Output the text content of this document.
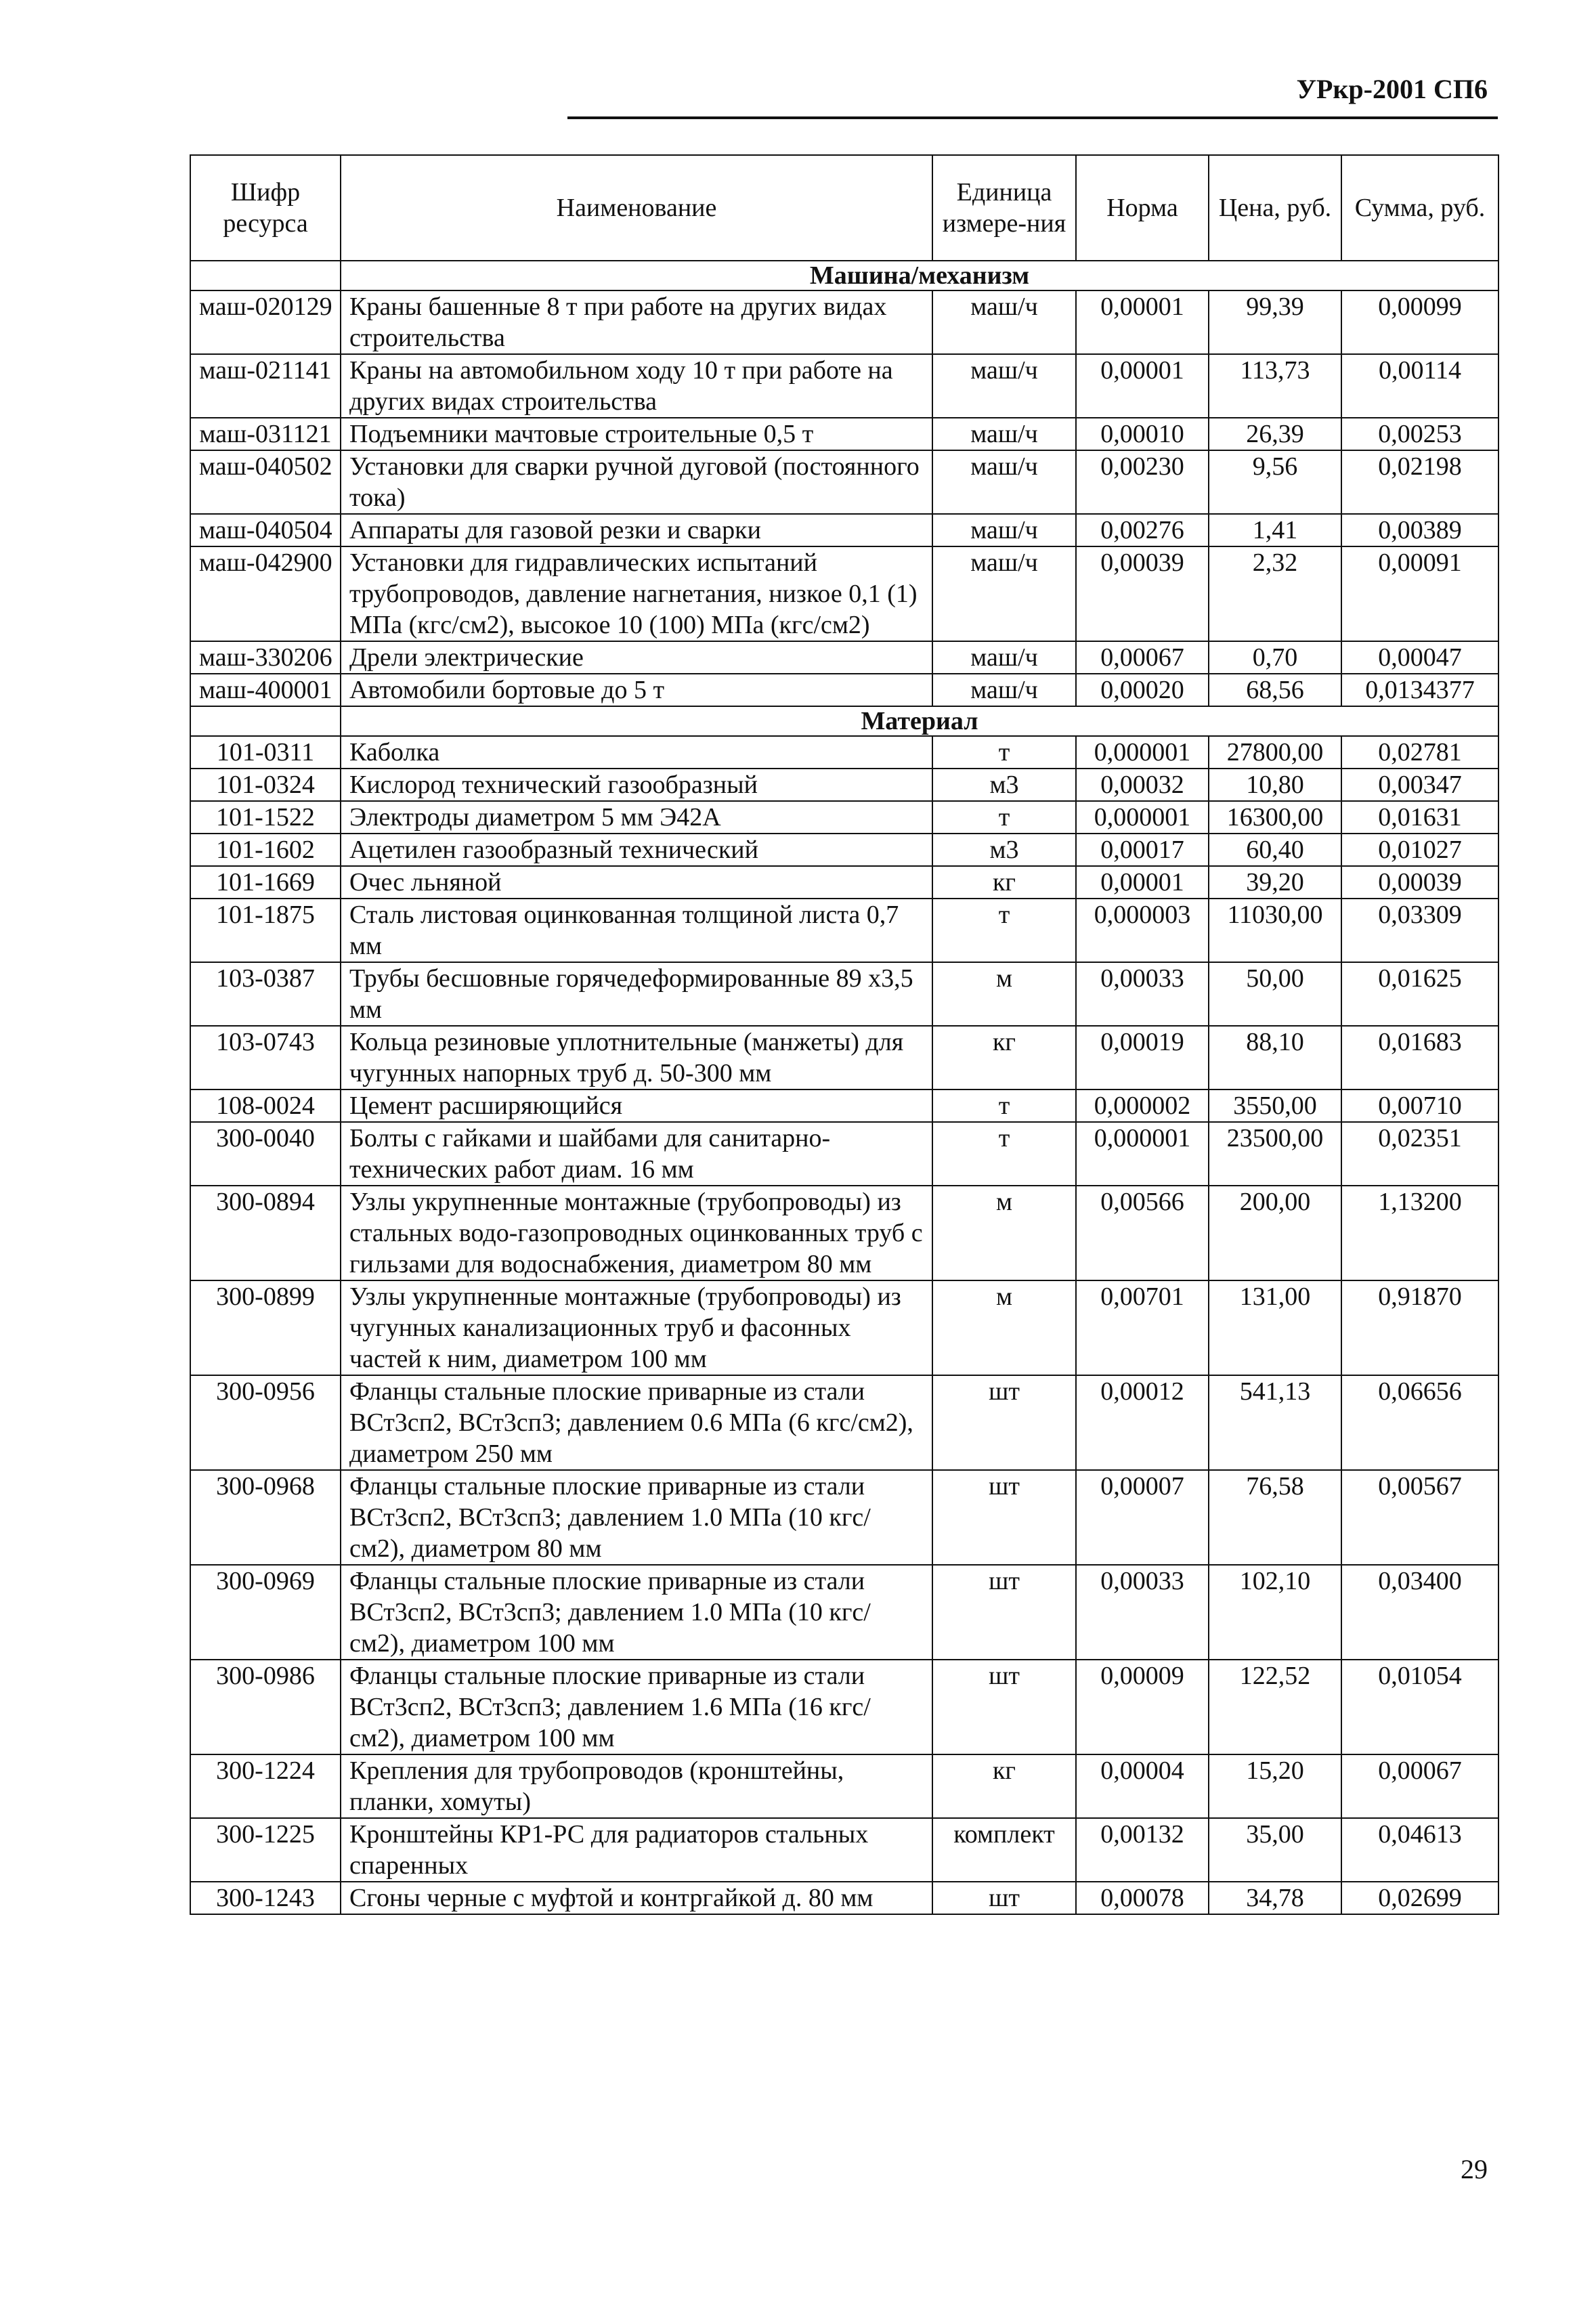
УРкр-2001 СП6
Шифр ресурса	Наименование	Единица измере-ния	Норма	Цена, руб.	Сумма, руб.
	Машина/механизм				
маш-020129	Краны башенные 8 т при работе на других видах строительства	маш/ч	0,00001	99,39	0,00099
маш-021141	Краны на автомобильном ходу 10 т при работе на других видах строительства	маш/ч	0,00001	113,73	0,00114
маш-031121	Подъемники мачтовые строительные 0,5 т	маш/ч	0,00010	26,39	0,00253
маш-040502	Установки для сварки ручной дуговой (постоянного тока)	маш/ч	0,00230	9,56	0,02198
маш-040504	Аппараты для газовой резки и сварки	маш/ч	0,00276	1,41	0,00389
маш-042900	Установки для гидравлических испытаний трубопроводов, давление нагнетания, низкое 0,1 (1) МПа (кгс/см2), высокое 10 (100) МПа (кгс/см2)	маш/ч	0,00039	2,32	0,00091
маш-330206	Дрели электрические	маш/ч	0,00067	0,70	0,00047
маш-400001	Автомобили бортовые до 5 т	маш/ч	0,00020	68,56	0,0134377
	Материал				
101-0311	Каболка	т	0,000001	27800,00	0,02781
101-0324	Кислород технический газообразный	м3	0,00032	10,80	0,00347
101-1522	Электроды диаметром 5 мм Э42А	т	0,000001	16300,00	0,01631
101-1602	Ацетилен газообразный технический	м3	0,00017	60,40	0,01027
101-1669	Очес льняной	кг	0,00001	39,20	0,00039
101-1875	Сталь листовая оцинкованная толщиной листа 0,7 мм	т	0,000003	11030,00	0,03309
103-0387	Трубы бесшовные горячедеформированные 89 х3,5 мм	м	0,00033	50,00	0,01625
103-0743	Кольца резиновые уплотнительные (манжеты) для чугунных напорных труб д. 50-300 мм	кг	0,00019	88,10	0,01683
108-0024	Цемент расширяющийся	т	0,000002	3550,00	0,00710
300-0040	Болты с гайками и шайбами для санитарно-технических работ диам. 16 мм	т	0,000001	23500,00	0,02351
300-0894	Узлы укрупненные монтажные (трубопроводы) из стальных водо-газопроводных оцинкованных труб с гильзами для водоснабжения, диаметром 80 мм	м	0,00566	200,00	1,13200
300-0899	Узлы укрупненные монтажные (трубопроводы) из чугунных канализационных труб и фасонных частей к ним, диаметром 100 мм	м	0,00701	131,00	0,91870
300-0956	Фланцы стальные плоские приварные из стали ВСт3сп2, ВСт3сп3; давлением 0.6 МПа (6 кгс/см2), диаметром 250 мм	шт	0,00012	541,13	0,06656
300-0968	Фланцы стальные плоские приварные из стали ВСт3сп2, ВСт3сп3; давлением 1.0 МПа (10 кгс/см2), диаметром 80 мм	шт	0,00007	76,58	0,00567
300-0969	Фланцы стальные плоские приварные из стали ВСт3сп2, ВСт3сп3; давлением 1.0 МПа (10 кгс/см2), диаметром 100 мм	шт	0,00033	102,10	0,03400
300-0986	Фланцы стальные плоские приварные из стали ВСт3сп2, ВСт3сп3; давлением 1.6 МПа (16 кгс/см2), диаметром 100 мм	шт	0,00009	122,52	0,01054
300-1224	Крепления для трубопроводов (кронштейны, планки, хомуты)	кг	0,00004	15,20	0,00067
300-1225	Кронштейны КР1-РС для радиаторов стальных спаренных	комплект	0,00132	35,00	0,04613
300-1243	Сгоны черные с муфтой и контргайкой д. 80 мм	шт	0,00078	34,78	0,02699
29
